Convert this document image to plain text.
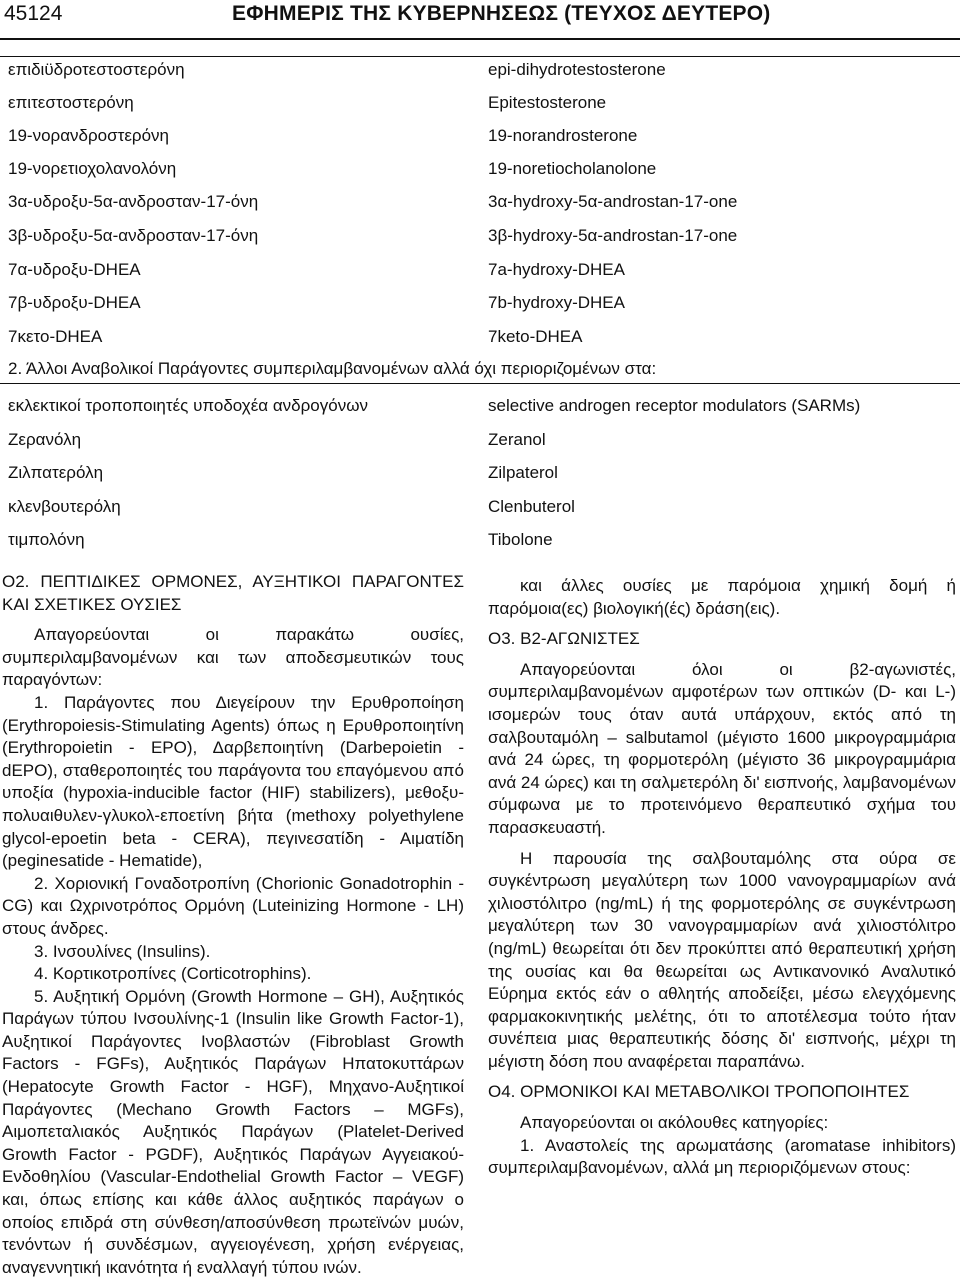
45124	ΕΦΗΜΕΡΙΣ ΤΗΣ ΚΥΒΕΡΝΗΣΕΩΣ (ΤΕΥΧΟΣ ΔΕΥΤΕΡΟ)
επιδιϋδροτεστοστερόνη	epi-dihydrotestosterone
επιτεστοστερόνη	Epitestosterone
19-νορανδροστερόνη	19-norandrosterone
19-νορετιοχολανολόνη	19-noretiocholanolone
3α-υδροξυ-5α-ανδροσταν-17-όνη	3α-hydroxy-5α-androstan-17-one
3β-υδροξυ-5α-ανδροσταν-17-όνη	3β-hydroxy-5α-androstan-17-one
7α-υδροξυ-DHEA	7a-hydroxy-DHEA
7β-υδροξυ-DHEA	7b-hydroxy-DHEA
7κετο-DHEA	7keto-DHEA
2. Άλλοι Αναβολικοί Παράγοντες συμπεριλαμβανομένων αλλά όχι περιοριζομένων στα:
εκλεκτικοί τροποποιητές υποδοχέα ανδρογόνων	selective androgen receptor modulators (SARMs)
Ζερανόλη	Zeranol
Ζιλπατερόλη	Zilpaterol
κλενβουτερόλη	Clenbuterol
τιμπολόνη	Tibolone

Ο2. ΠΕΠΤΙΔΙΚΕΣ ΟΡΜΟΝΕΣ, ΑΥΞΗΤΙΚΟΙ ΠΑΡΑΓΟΝΤΕΣ ΚΑΙ ΣΧΕΤΙΚΕΣ ΟΥΣΙΕΣ

Απαγορεύονται οι παρακάτω ουσίες, συμπεριλαμβανομένων και των αποδεσμευτικών τους παραγόντων:

1. Παράγοντες που Διεγείρουν την Ερυθροποίηση (Erythropoiesis-Stimulating Agents) όπως η Ερυθροποιητίνη (Erythropoietin - EPO), Δαρβεποιητίνη (Darbepoietin - dEPO), σταθεροποιητές του παράγοντα του επαγόμενου από υποξία (hypoxia-inducible factor (HIF) stabilizers), μεθοξυ-πολυαιθυλεν-γλυκολ-εποετίνη βήτα (methoxy polyethylene glycol-epoetin beta - CERA), πεγινεσατίδη - Αιματίδη (peginesatide - Hematide),

2. Χοριονική Γοναδοτροπίνη (Chorionic Gonadotrophin - CG) και Ωχρινοτρόπος Ορμόνη (Luteinizing Hormone - LH) στους άνδρες.

3. Ινσουλίνες (Insulins).

4. Κορτικοτροπίνες (Corticotrophins).

5. Αυξητική Ορμόνη (Growth Hormone – GH), Αυξητικός Παράγων τύπου Ινσουλίνης-1 (Insulin like Growth Factor-1), Αυξητικοί Παράγοντες Ινοβλαστών (Fibroblast Growth Factors - FGFs), Αυξητικός Παράγων Ηπατοκυττάρων (Hepatocyte Growth Factor - HGF), Μηχανο-Αυξητικοί Παράγοντες (Mechano Growth Factors – MGFs), Αιμοπεταλιακός Αυξητικός Παράγων (Platelet-Derived Growth Factor - PGDF), Αυξητικός Παράγων Αγγειακού-Ενδοθηλίου (Vascular-Endothelial Growth Factor – VEGF) και, όπως επίσης και κάθε άλλος αυξητικός παράγων ο οποίος επιδρά στη σύνθεση/αποσύνθεση πρωτεϊνών μυών, τενόντων ή συνδέσμων, αγγειογένεση, χρήση ενέργειας, αναγεννητική ικανότητα ή εναλλαγή τύπου ινών.

και άλλες ουσίες με παρόμοια χημική δομή ή παρόμοια(ες) βιολογική(ές) δράση(εις).

Ο3. Β2-ΑΓΩΝΙΣΤΕΣ

Απαγορεύονται όλοι οι β2-αγωνιστές, συμπεριλαμβανομένων αμφοτέρων των οπτικών (D- και L-) ισομερών τους όταν αυτά υπάρχουν, εκτός από τη σαλβουταμόλη – salbutamol (μέγιστο 1600 μικρογραμμάρια ανά 24 ώρες, τη φορμοτερόλη (μέγιστο 36 μικρογραμμάρια ανά 24 ώρες) και τη σαλμετερόλη δι' εισπνοής, λαμβανομένων σύμφωνα με το προτεινόμενο θεραπευτικό σχήμα του παρασκευαστή.

Η παρουσία της σαλβουταμόλης στα ούρα σε συγκέντρωση μεγαλύτερη των 1000 νανογραμμαρίων ανά χιλιοστόλιτρο (ng/mL) ή της φορμοτερόλης σε συγκέντρωση μεγαλύτερη των 30 νανογραμμαρίων ανά χιλιοστόλιτρο (ng/mL) θεωρείται ότι δεν προκύπτει από θεραπευτική χρήση της ουσίας και θα θεωρείται ως Αντικανονικό Αναλυτικό Εύρημα εκτός εάν ο αθλητής αποδείξει, μέσω ελεγχόμενης φαρμακοκινητικής μελέτης, ότι το αποτέλεσμα τούτο ήταν συνέπεια μιας θεραπευτικής δόσης δι' εισπνοής, μέχρι τη μέγιστη δόση που αναφέρεται παραπάνω.

Ο4. ΟΡΜΟΝΙΚΟΙ ΚΑΙ ΜΕΤΑΒΟΛΙΚΟΙ ΤΡΟΠΟΠΟΙΗΤΕΣ

Απαγορεύονται οι ακόλουθες κατηγορίες:

1. Αναστολείς της αρωματάσης (aromatase inhibitors) συμπεριλαμβανομένων, αλλά μη περιοριζόμενων στους:
